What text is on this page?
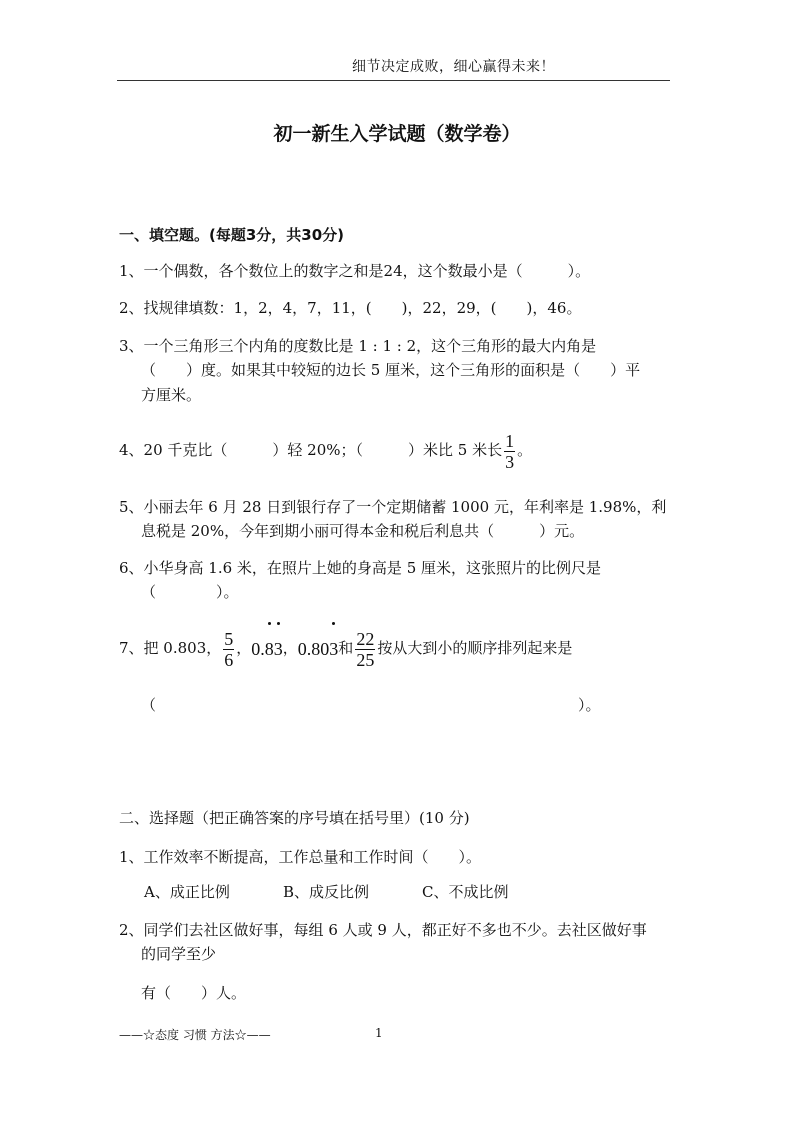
细节决定成败，细心赢得未来！
初一新生入学试题（数学卷）
一、填空题。(每题3分，共30分)
1、一个偶数，各个数位上的数字之和是24，这个数最小是（　　　）。
2、找规律填数：1，2，4，7，11，(　　)，22，29，(　　)，46。
3、一个三角形三个内角的度数比是 1 : 1 : 2，这个三角形的最大内角是
（　　）度。如果其中较短的边长 5 厘米，这个三角形的面积是（　　）平
方厘米。
4、20 千克比（　　　）轻 20%；（　　　）米比 5 米长 $\frac{1}{3}$ 。
5、小丽去年 6 月 28 日到银行存了一个定期储蓄 1000 元，年利率是 1.98%，利
息税是 20%，今年到期小丽可得本金和税后利息共（　　　）元。
6、小华身高 1.6 米，在照片上她的身高是 5 厘米，这张照片的比例尺是
（　　　　）。
7、把 0.803， $\frac{5}{6}$ ，0.83，0.803和 $\frac{22}{25}$ 按从大到小的顺序排列起来是
（	）。
二、选择题（把正确答案的序号填在括号里）(10 分)
1、工作效率不断提高，工作总量和工作时间（　　）。
A、成正比例	B、成反比例	C、不成比例
2、同学们去社区做好事，每组 6 人或 9 人，都正好不多也不少。去社区做好事
的同学至少
有（　　）人。
——☆态度 习惯 方法☆——	1
